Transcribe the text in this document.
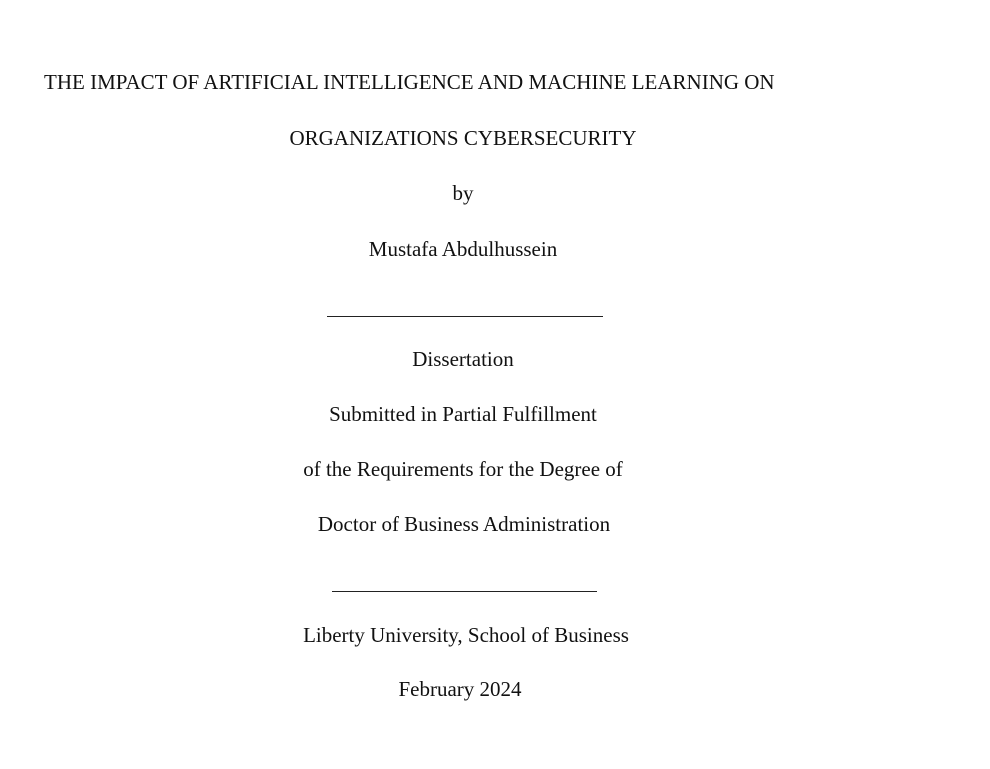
THE IMPACT OF ARTIFICIAL INTELLIGENCE AND MACHINE LEARNING ON
ORGANIZATIONS CYBERSECURITY
by
Mustafa Abdulhussein
Dissertation
Submitted in Partial Fulfillment
of the Requirements for the Degree of
Doctor of Business Administration
Liberty University, School of Business
February 2024
